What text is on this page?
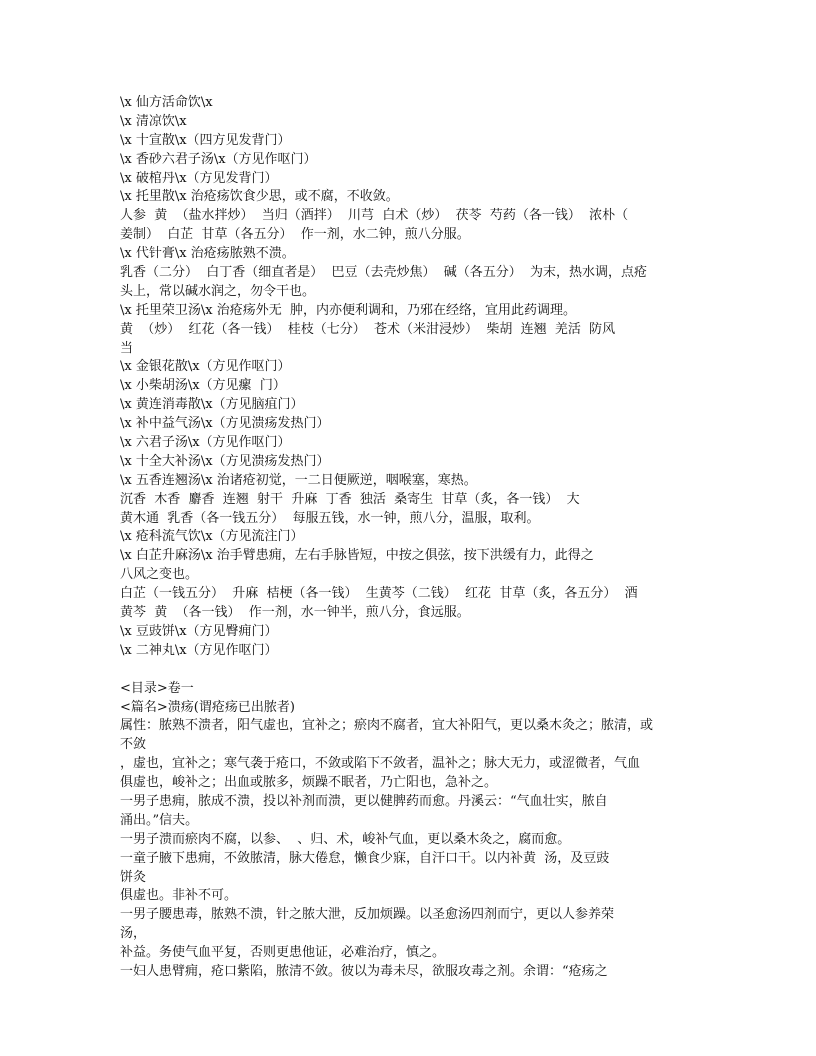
\x 仙方活命饮\x
\x 清凉饮\x
\x 十宣散\x（四方见发背门）
\x 香砂六君子汤\x（方见作呕门）
\x 破棺丹\x（方见发背门）
\x 托里散\x 治疮疡饮食少思，或不腐，不收敛。
人参  黄  （盐水拌炒）  当归（酒拌）  川芎  白术（炒）  茯苓  芍药（各一钱）  浓朴（
姜制）  白芷  甘草（各五分）  作一剂，水二钟，煎八分服。
\x 代针膏\x 治疮疡脓熟不溃。
乳香（二分）  白丁香（细直者是）  巴豆（去壳炒焦）  碱（各五分）  为末，热水调，点疮
头上，常以碱水润之，勿令干也。
\x 托里荣卫汤\x 治疮疡外无  肿，内亦便利调和，乃邪在经络，宜用此药调理。
黄  （炒）  红花（各一钱）  桂枝（七分）  苍术（米泔浸炒）  柴胡  连翘  羌活  防风
当
\x 金银花散\x（方见作呕门）
\x 小柴胡汤\x（方见瘰  门）
\x 黄连消毒散\x（方见脑疽门）
\x 补中益气汤\x（方见溃疡发热门）
\x 六君子汤\x（方见作呕门）
\x 十全大补汤\x（方见溃疡发热门）
\x 五香连翘汤\x 治诸疮初觉，一二日便厥逆，咽喉塞，寒热。
沉香  木香  麝香  连翘  射干  升麻  丁香  独活  桑寄生  甘草（炙，各一钱）  大
黄木通  乳香（各一钱五分）  每服五钱，水一钟，煎八分，温服，取利。
\x 疮科流气饮\x（方见流注门）
\x 白芷升麻汤\x 治手臂患痈，左右手脉皆短，中按之俱弦，按下洪缓有力，此得之
八风之变也。
白芷（一钱五分）  升麻  桔梗（各一钱）  生黄芩（二钱）  红花  甘草（炙，各五分）  酒
黄芩  黄  （各一钱）  作一剂，水一钟半，煎八分，食远服。
\x 豆豉饼\x（方见臀痈门）
\x 二神丸\x（方见作呕门）
<目录>卷一
<篇名>溃疡(谓疮疡已出脓者)
属性：脓熟不溃者，阳气虚也，宜补之；瘀肉不腐者，宜大补阳气，更以桑木灸之；脓清，或
不敛
，虚也，宜补之；寒气袭于疮口，不敛或陷下不敛者，温补之；脉大无力，或涩微者，气血
俱虚也，峻补之；出血或脓多，烦躁不眠者，乃亡阳也，急补之。
一男子患痈，脓成不溃，投以补剂而溃，更以健脾药而愈。丹溪云：“气血壮实，脓自
涌出。”信夫。
一男子溃而瘀肉不腐，以参、  、归、术，峻补气血，更以桑木灸之，腐而愈。
一童子腋下患痈，不敛脓清，脉大倦怠，懒食少寐，自汗口干。以内补黄  汤，及豆豉
饼灸
俱虚也。非补不可。
一男子腰患毒，脓熟不溃，针之脓大泄，反加烦躁。以圣愈汤四剂而宁，更以人参养荣
汤，
补益。务使气血平复，否则更患他证，必难治疗，慎之。
一妇人患臂痈，疮口紫陷，脓清不敛。彼以为毒未尽，欲服攻毒之剂。余谓：“疮疡之
